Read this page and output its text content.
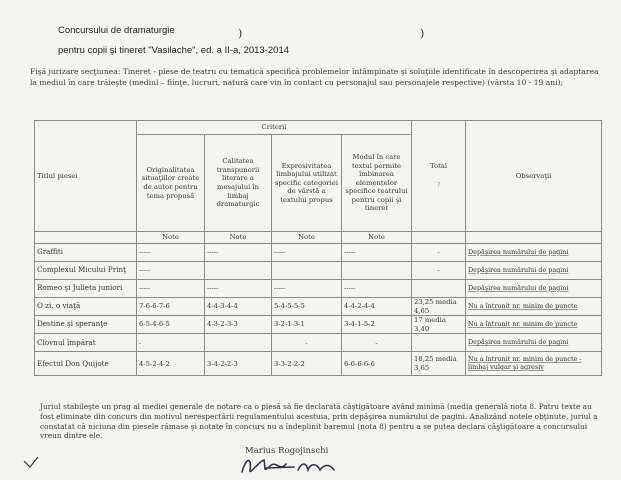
Concursului de dramaturgie	)	)
pentru copii şi tineret "Vasilache", ed. a II-a, 2013-2014
Fişă jurizare secţiunea: Tineret - piese de teatru cu tematică specifică problemelor întâmpinate şi soluţiile identificate în descoperirea şi adaptarea la mediul în care trăieşte (mediul – fiinţe, lucruri, natură care vin în contact cu personajul sau personajele respective) (vârsta 10 - 19 ani);
Titlul piesei	Criterii				Total
?	Observaţii
	Originalitatea situaţiilor create de autor pentru tema propusă	Calitatea transpunerii literare a mesajului în limbaj dramaturgic	Expresivitatea limbajului utilizat specific categoriei de vârstă a textului propus	Modul în care textul permite îmbinarea elementelor specifice teatrului pentru copii şi tineret		
	Note	Note	Note	Note		
Graffiti	-----	-----	-----	-----	-	Depăşirea numărului de pagini
Complexul Micului Prinţ	-----				-	Depăşirea numărului de pagini
Romeo şi Julieta juniori	-----	-----	-----	-----		Depăşirea numărului de pagini
O zi, o viaţă	7-6-6-7-6	4-4-3-4-4	5-4-5-5-5	4-4-2-4-4	23,25 media 4,65	Nu a întrunit nr. minim de puncte
Destine şi speranţe	6-5-4-6-5	4-3-2-3-3	3-2-1-3-1	3-4-1-5-2	17 media 3,40	Nu a întrunit nr. minim de puncte
Clovnul împărat	-		-	-		Depăşirea numărului de pagini
Efectul Don Quijote	4-5-2-4-2	3-4-2-2-3	3-3-2-2-2	6-6-6-6-6	18,25 media 3,65	Nu a întrunit nr. minim de puncte - limbaj vulgar şi agresiv
Juriul stabileşte un prag al mediei generale de notare ca o piesă să fie declarată câştigătoare având minimă (media generală nota 8. Patru texte au fost eliminate din concurs din motivul nerespectării regulamentului acestuia, prin depăşirea numărului de pagini. Analizând notele obţinute, juriul a constatat că niciuna din piesele rămase şi notate în concurs nu a îndeplinit baremul (nota 8) pentru a se putea declara câştigătoare a concursului vreun dintre ele.
Marius Rogojinschi
